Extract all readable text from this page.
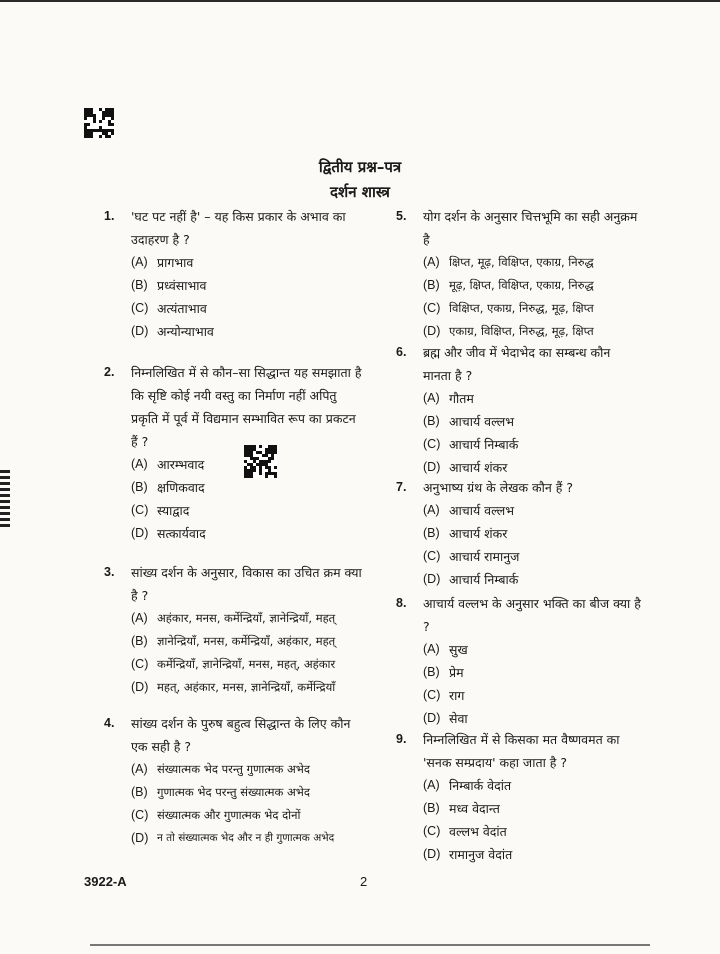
द्वितीय प्रश्न–पत्र
दर्शन शास्त्र
1. 'घट पट नहीं है' – यह किस प्रकार के अभाव का उदाहरण है ?
(A) प्रागभाव
(B) प्रध्वंसाभाव
(C) अत्यंताभाव
(D) अन्योन्याभाव
2. निम्नलिखित में से कौन–सा सिद्धान्त यह समझाता है कि सृष्टि कोई नयी वस्तु का निर्माण नहीं अपितु प्रकृति में पूर्व में विद्यमान सम्भावित रूप का प्रकटन हैं ?
(A) आरम्भवाद
(B) क्षणिकवाद
(C) स्याद्वाद
(D) सत्कार्यवाद
3. सांख्य दर्शन के अनुसार, विकास का उचित क्रम क्या है ?
(A) अहंकार, मनस, कर्मेन्द्रियाँ, ज्ञानेन्द्रियाँ, महत्
(B) ज्ञानेन्द्रियाँ, मनस, कर्मेन्द्रियाँ, अहंकार, महत्
(C) कर्मेन्द्रियाँ, ज्ञानेन्द्रियाँ, मनस, महत्, अहंकार
(D) महत्, अहंकार, मनस, ज्ञानेन्द्रियाँ, कर्मेन्द्रियाँ
4. सांख्य दर्शन के पुरुष बहुत्व सिद्धान्त के लिए कौन एक सही है ?
(A) संख्यात्मक भेद परन्तु गुणात्मक अभेद
(B) गुणात्मक भेद परन्तु संख्यात्मक अभेद
(C) संख्यात्मक और गुणात्मक भेद दोनों
(D) न तो संख्यात्मक भेद और न ही गुणात्मक अभेद
5. योग दर्शन के अनुसार चित्तभूमि का सही अनुक्रम है
(A) क्षिप्त, मूढ़, विक्षिप्त, एकाग्र, निरुद्ध
(B) मूढ़, क्षिप्त, विक्षिप्त, एकाग्र, निरुद्ध
(C) विक्षिप्त, एकाग्र, निरुद्ध, मूढ़, क्षिप्त
(D) एकाग्र, विक्षिप्त, निरुद्ध, मूढ़, क्षिप्त
6. ब्रह्म और जीव में भेदाभेद का सम्बन्ध कौन मानता है ?
(A) गौतम
(B) आचार्य वल्लभ
(C) आचार्य निम्बार्क
(D) आचार्य शंकर
7. अनुभाष्य ग्रंथ के लेखक कौन हैं ?
(A) आचार्य वल्लभ
(B) आचार्य शंकर
(C) आचार्य रामानुज
(D) आचार्य निम्बार्क
8. आचार्य वल्लभ के अनुसार भक्ति का बीज क्या है ?
(A) सुख
(B) प्रेम
(C) राग
(D) सेवा
9. निम्नलिखित में से किसका मत वैष्णवमत का 'सनक सम्प्रदाय' कहा जाता है ?
(A) निम्बार्क वेदांत
(B) मध्व वेदान्त
(C) वल्लभ वेदांत
(D) रामानुज वेदांत
3922-A	2
